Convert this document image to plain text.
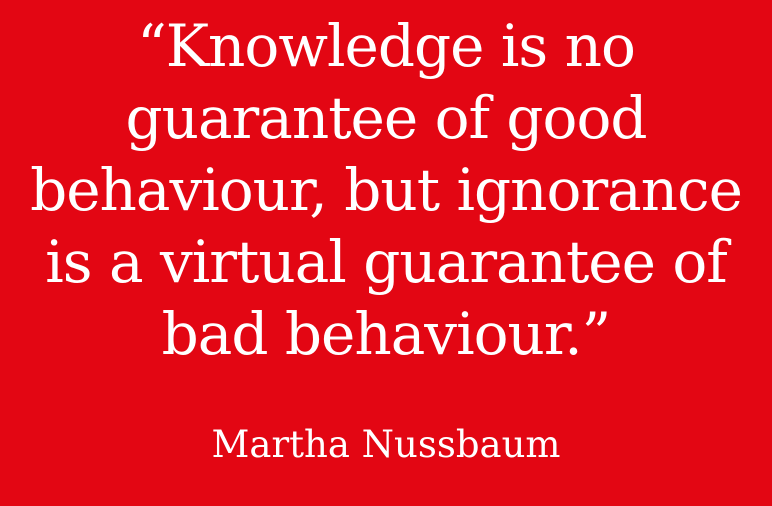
“Knowledge is no
guarantee of good
behaviour, but ignorance
is a virtual guarantee of
bad behaviour.”
Martha Nussbaum
